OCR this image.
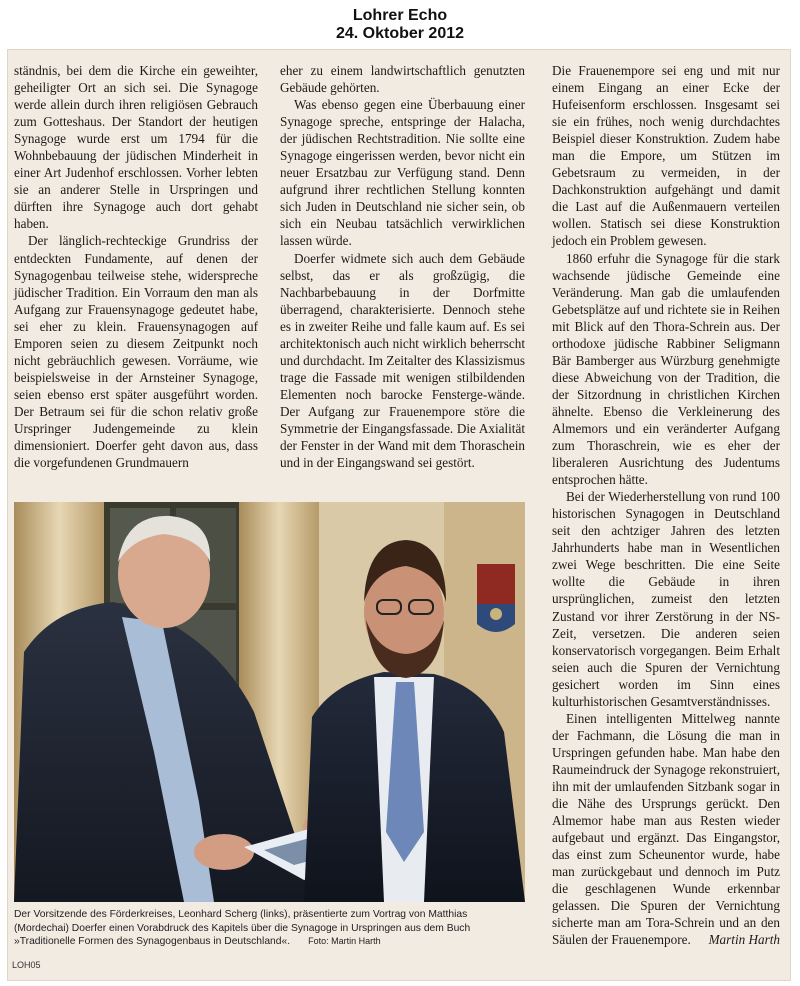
Lohrer Echo
24. Oktober 2012

ständnis, bei dem die Kirche ein geweihter, geheiligter Ort an sich sei. Die Synagoge werde allein durch ihren religiösen Gebrauch zum Gotteshaus. Der Standort der heutigen Synagoge wurde erst um 1794 für die Wohnbebauung der jüdischen Minderheit in einer Art Judenhof erschlossen. Vorher lebten sie an anderer Stelle in Urspringen und dürften ihre Synagoge auch dort gehabt haben.

Der länglich-rechteckige Grundriss der entdeckten Fundamente, auf denen der Synagogenbau teilweise stehe, widerspreche jüdischer Tradition. Ein Vorraum den man als Aufgang zur Frauensynagoge gedeutet habe, sei eher zu klein. Frauensynagogen auf Emporen seien zu diesem Zeitpunkt noch nicht gebräuchlich gewesen. Vorräume, wie beispielsweise in der Arnsteiner Synagoge, seien ebenso erst später ausgeführt worden. Der Betraum sei für die schon relativ große Urspringer Judengemeinde zu klein dimensioniert. Doerfer geht davon aus, dass die vorgefundenen Grundmauern

eher zu einem landwirtschaftlich genutzten Gebäude gehörten.

Was ebenso gegen eine Überbauung einer Synagoge spreche, entspringe der Halacha, der jüdischen Rechtstradition. Nie sollte eine Synagoge eingerissen werden, bevor nicht ein neuer Ersatzbau zur Verfügung stand. Denn aufgrund ihrer rechtlichen Stellung konnten sich Juden in Deutschland nie sicher sein, ob sich ein Neubau tatsächlich verwirklichen lassen würde.

Doerfer widmete sich auch dem Gebäude selbst, das er als großzügig, die Nachbarbebauung in der Dorfmitte überragend, charakterisierte. Dennoch stehe es in zweiter Reihe und falle kaum auf. Es sei architektonisch auch nicht wirklich beherrscht und durchdacht. Im Zeitalter des Klassizismus trage die Fassade mit wenigen stilbildenden Elementen noch barocke Fensterge-wände. Der Aufgang zur Frauenempore störe die Symmetrie der Eingangsfassade. Die Axialität der Fenster in der Wand mit dem Thoraschein und in der Eingangswand sei gestört.

Die Frauenempore sei eng und mit nur einem Eingang an einer Ecke der Hufeisenform erschlossen. Insgesamt sei sie ein frühes, noch wenig durchdachtes Beispiel dieser Konstruktion. Zudem habe man die Empore, um Stützen im Gebetsraum zu vermeiden, in der Dachkonstruktion aufgehängt und damit die Last auf die Außenmauern verteilen wollen. Statisch sei diese Konstruktion jedoch ein Problem gewesen.

1860 erfuhr die Synagoge für die stark wachsende jüdische Gemeinde eine Veränderung. Man gab die umlaufenden Gebetsplätze auf und richtete sie in Reihen mit Blick auf den Thora-Schrein aus. Der orthodoxe jüdische Rabbiner Seligmann Bär Bamberger aus Würzburg genehmigte diese Abweichung von der Tradition, die der Sitzordnung in christlichen Kirchen ähnelte. Ebenso die Verkleinerung des Almemors und ein veränderter Aufgang zum Thoraschrein, wie es eher der liberaleren Ausrichtung des Judentums entsprochen hätte.

Bei der Wiederherstellung von rund 100 historischen Synagogen in Deutschland seit den achtziger Jahren des letzten Jahrhunderts habe man in Wesentlichen zwei Wege beschritten. Die eine Seite wollte die Gebäude in ihren ursprünglichen, zumeist den letzten Zustand vor ihrer Zerstörung in der NS-Zeit, versetzen. Die anderen seien konservatorisch vorgegangen. Beim Erhalt seien auch die Spuren der Vernichtung gesichert worden im Sinn eines kulturhistorischen Gesamtverständnisses.

Einen intelligenten Mittelweg nannte der Fachmann, die Lösung die man in Urspringen gefunden habe. Man habe den Raumeindruck der Synagoge rekonstruiert, ihn mit der umlaufenden Sitzbank sogar in die Nähe des Ursprungs gerückt. Den Almemor habe man aus Resten wieder aufgebaut und ergänzt. Das Eingangstor, das einst zum Scheunentor wurde, habe man zurückgebaut und dennoch im Putz die geschlagenen Wunde erkennbar gelassen. Die Spuren der Vernichtung sicherte man am Tora-Schrein und an den Säulen der Frauenempore.	Martin Harth
Der Vorsitzende des Förderkreises, Leonhard Scherg (links), präsentierte zum Vortrag von Matthias (Mordechai) Doerfer einen Vorabdruck des Kapitels über die Synagoge in Urspringen aus dem Buch »Traditionelle Formen des Synagogenbaus in Deutschland«. Foto: Martin Harth
LOH05
